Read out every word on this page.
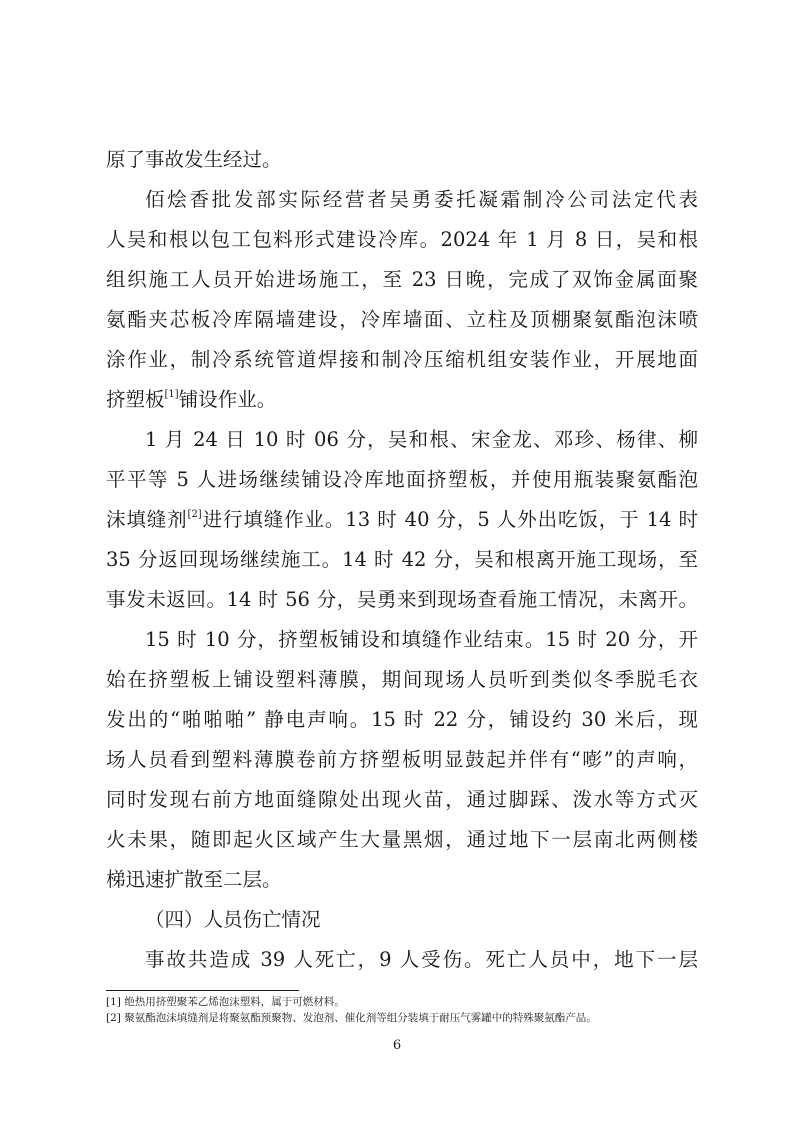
原了事故发生经过。
佰烩香批发部实际经营者吴勇委托凝霜制冷公司法定代表
人吴和根以包工包料形式建设冷库。2024 年 1 月 8 日，吴和根
组织施工人员开始进场施工，至 23 日晚，完成了双饰金属面聚
氨酯夹芯板冷库隔墙建设，冷库墙面、立柱及顶棚聚氨酯泡沫喷
涂作业，制冷系统管道焊接和制冷压缩机组安装作业，开展地面
挤塑板[1]铺设作业。
1 月 24 日 10 时 06 分，吴和根、宋金龙、邓珍、杨律、柳
平平等 5 人进场继续铺设冷库地面挤塑板，并使用瓶装聚氨酯泡
沫填缝剂[2]进行填缝作业。13 时 40 分，5 人外出吃饭，于 14 时
35 分返回现场继续施工。14 时 42 分，吴和根离开施工现场，至
事发未返回。14 时 56 分，吴勇来到现场查看施工情况，未离开。
15 时 10 分，挤塑板铺设和填缝作业结束。15 时 20 分，开
始在挤塑板上铺设塑料薄膜，期间现场人员听到类似冬季脱毛衣
发出的“啪啪啪” 静电声响。15 时 22 分，铺设约 30 米后，现
场人员看到塑料薄膜卷前方挤塑板明显鼓起并伴有“嘭”的声响，
同时发现右前方地面缝隙处出现火苗，通过脚踩、泼水等方式灭
火未果，随即起火区域产生大量黑烟，通过地下一层南北两侧楼
梯迅速扩散至二层。
（四）人员伤亡情况
事故共造成 39 人死亡，9 人受伤。死亡人员中，地下一层
[1] 绝热用挤塑聚苯乙烯泡沫塑料，属于可燃材料。
[2] 聚氨酯泡沫填缝剂是将聚氨酯预聚物、发泡剂、催化剂等组分装填于耐压气雾罐中的特殊聚氨酯产品。
6
